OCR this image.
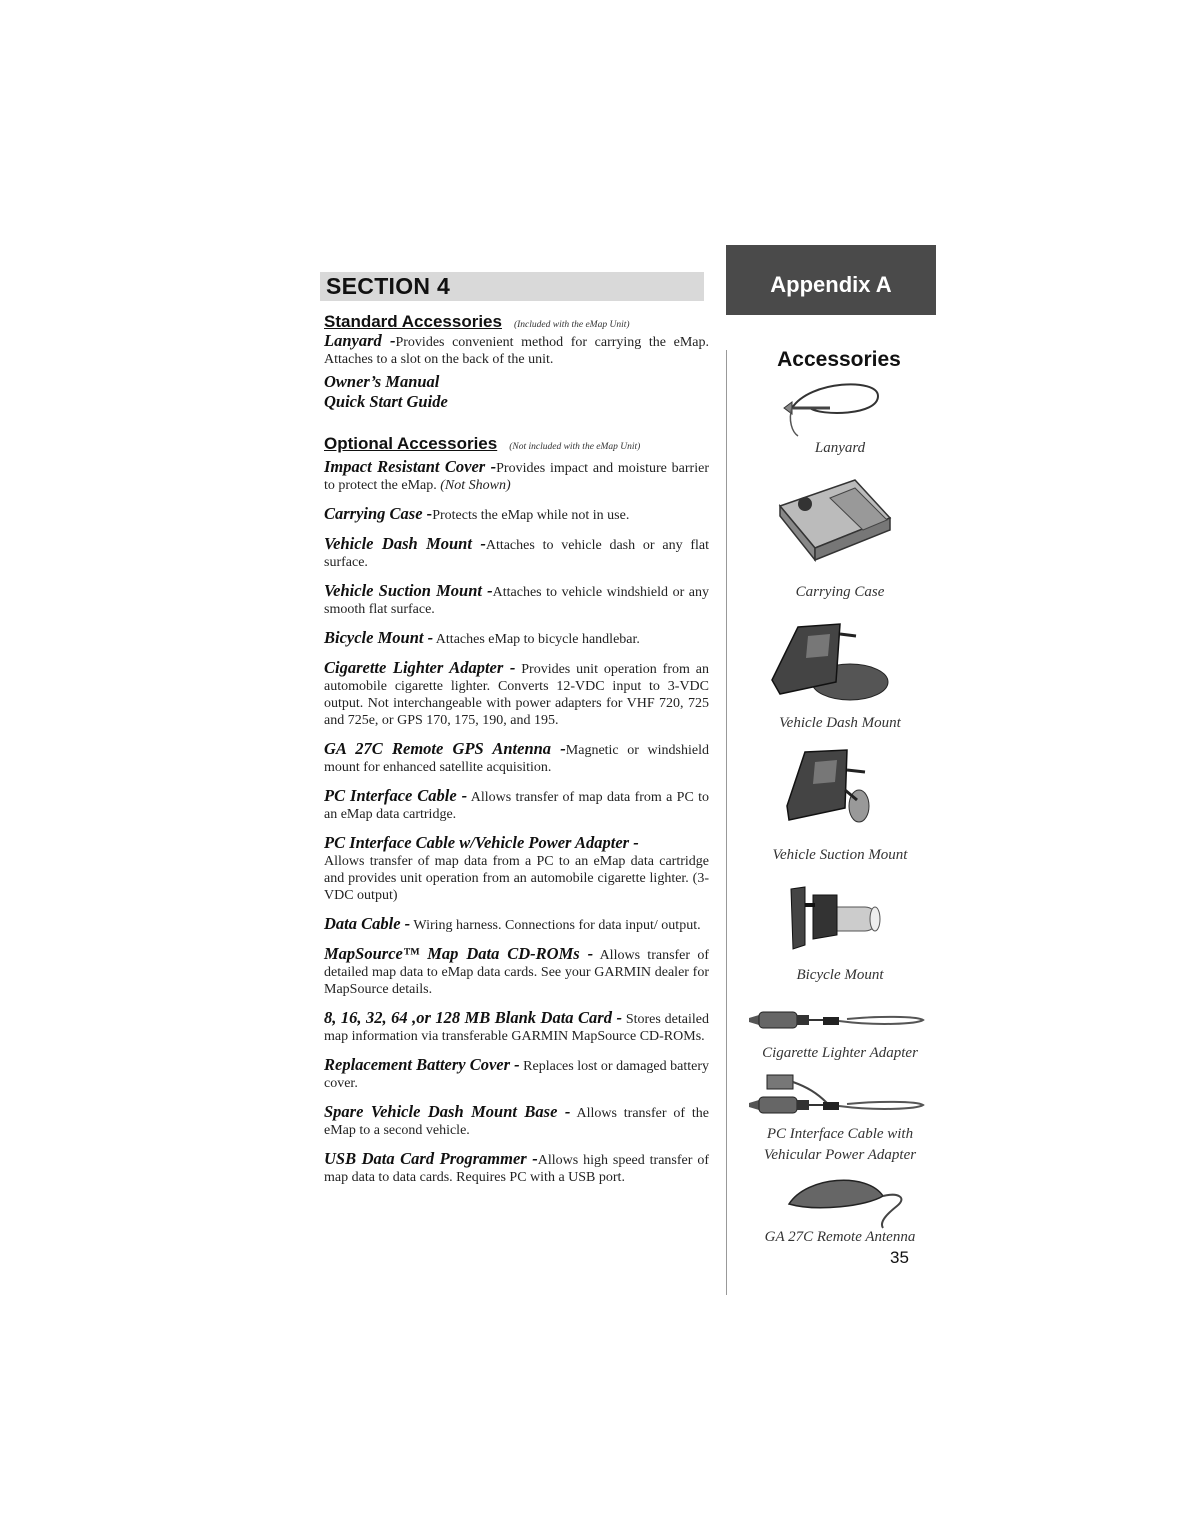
SECTION 4	Appendix A
Standard Accessories (Included with the eMap Unit)

Lanyard -Provides convenient method for carrying the eMap. Attaches to a slot on the back of the unit.

Owner’s Manual
Quick Start Guide
Optional Accessories (Not included with the eMap Unit)

Impact Resistant Cover -Provides impact and moisture barrier to protect the eMap. (Not Shown)

Carrying Case -Protects the eMap while not in use.

Vehicle Dash Mount -Attaches to vehicle dash or any flat surface.

Vehicle Suction Mount -Attaches to vehicle windshield or any smooth flat surface.

Bicycle Mount - Attaches eMap to bicycle handlebar.

Cigarette Lighter Adapter - Provides unit operation from an automobile cigarette lighter. Converts 12-VDC input to 3-VDC output. Not interchangeable with power adapters for VHF 720, 725 and 725e, or GPS 170, 175, 190, and 195.

GA 27C Remote GPS Antenna -Magnetic or windshield mount for enhanced satellite acquisition.

PC Interface Cable - Allows transfer of map data from a PC to an eMap data cartridge.

PC Interface Cable w/Vehicle Power Adapter -
Allows transfer of map data from a PC to an eMap data cartridge and provides unit operation from an automobile cigarette lighter. (3-VDC output)

Data Cable - Wiring harness. Connections for data input/ output.

MapSource™ Map Data CD-ROMs - Allows transfer of detailed map data to eMap data cards. See your GARMIN dealer for MapSource details.

8, 16, 32, 64 ,or 128 MB Blank Data Card - Stores detailed map information via transferable GARMIN MapSource CD-ROMs.

Replacement Battery Cover - Replaces lost or damaged battery cover.

Spare Vehicle Dash Mount Base - Allows transfer of the eMap to a second vehicle.

USB Data Card Programmer -Allows high speed transfer of map data to data cards. Requires PC with a USB port.

Accessories
Lanyard
Carrying Case
Vehicle Dash Mount
Vehicle Suction Mount
Bicycle Mount
Cigarette Lighter Adapter
PC Interface Cable with
Vehicular Power Adapter
GA 27C Remote Antenna
35
